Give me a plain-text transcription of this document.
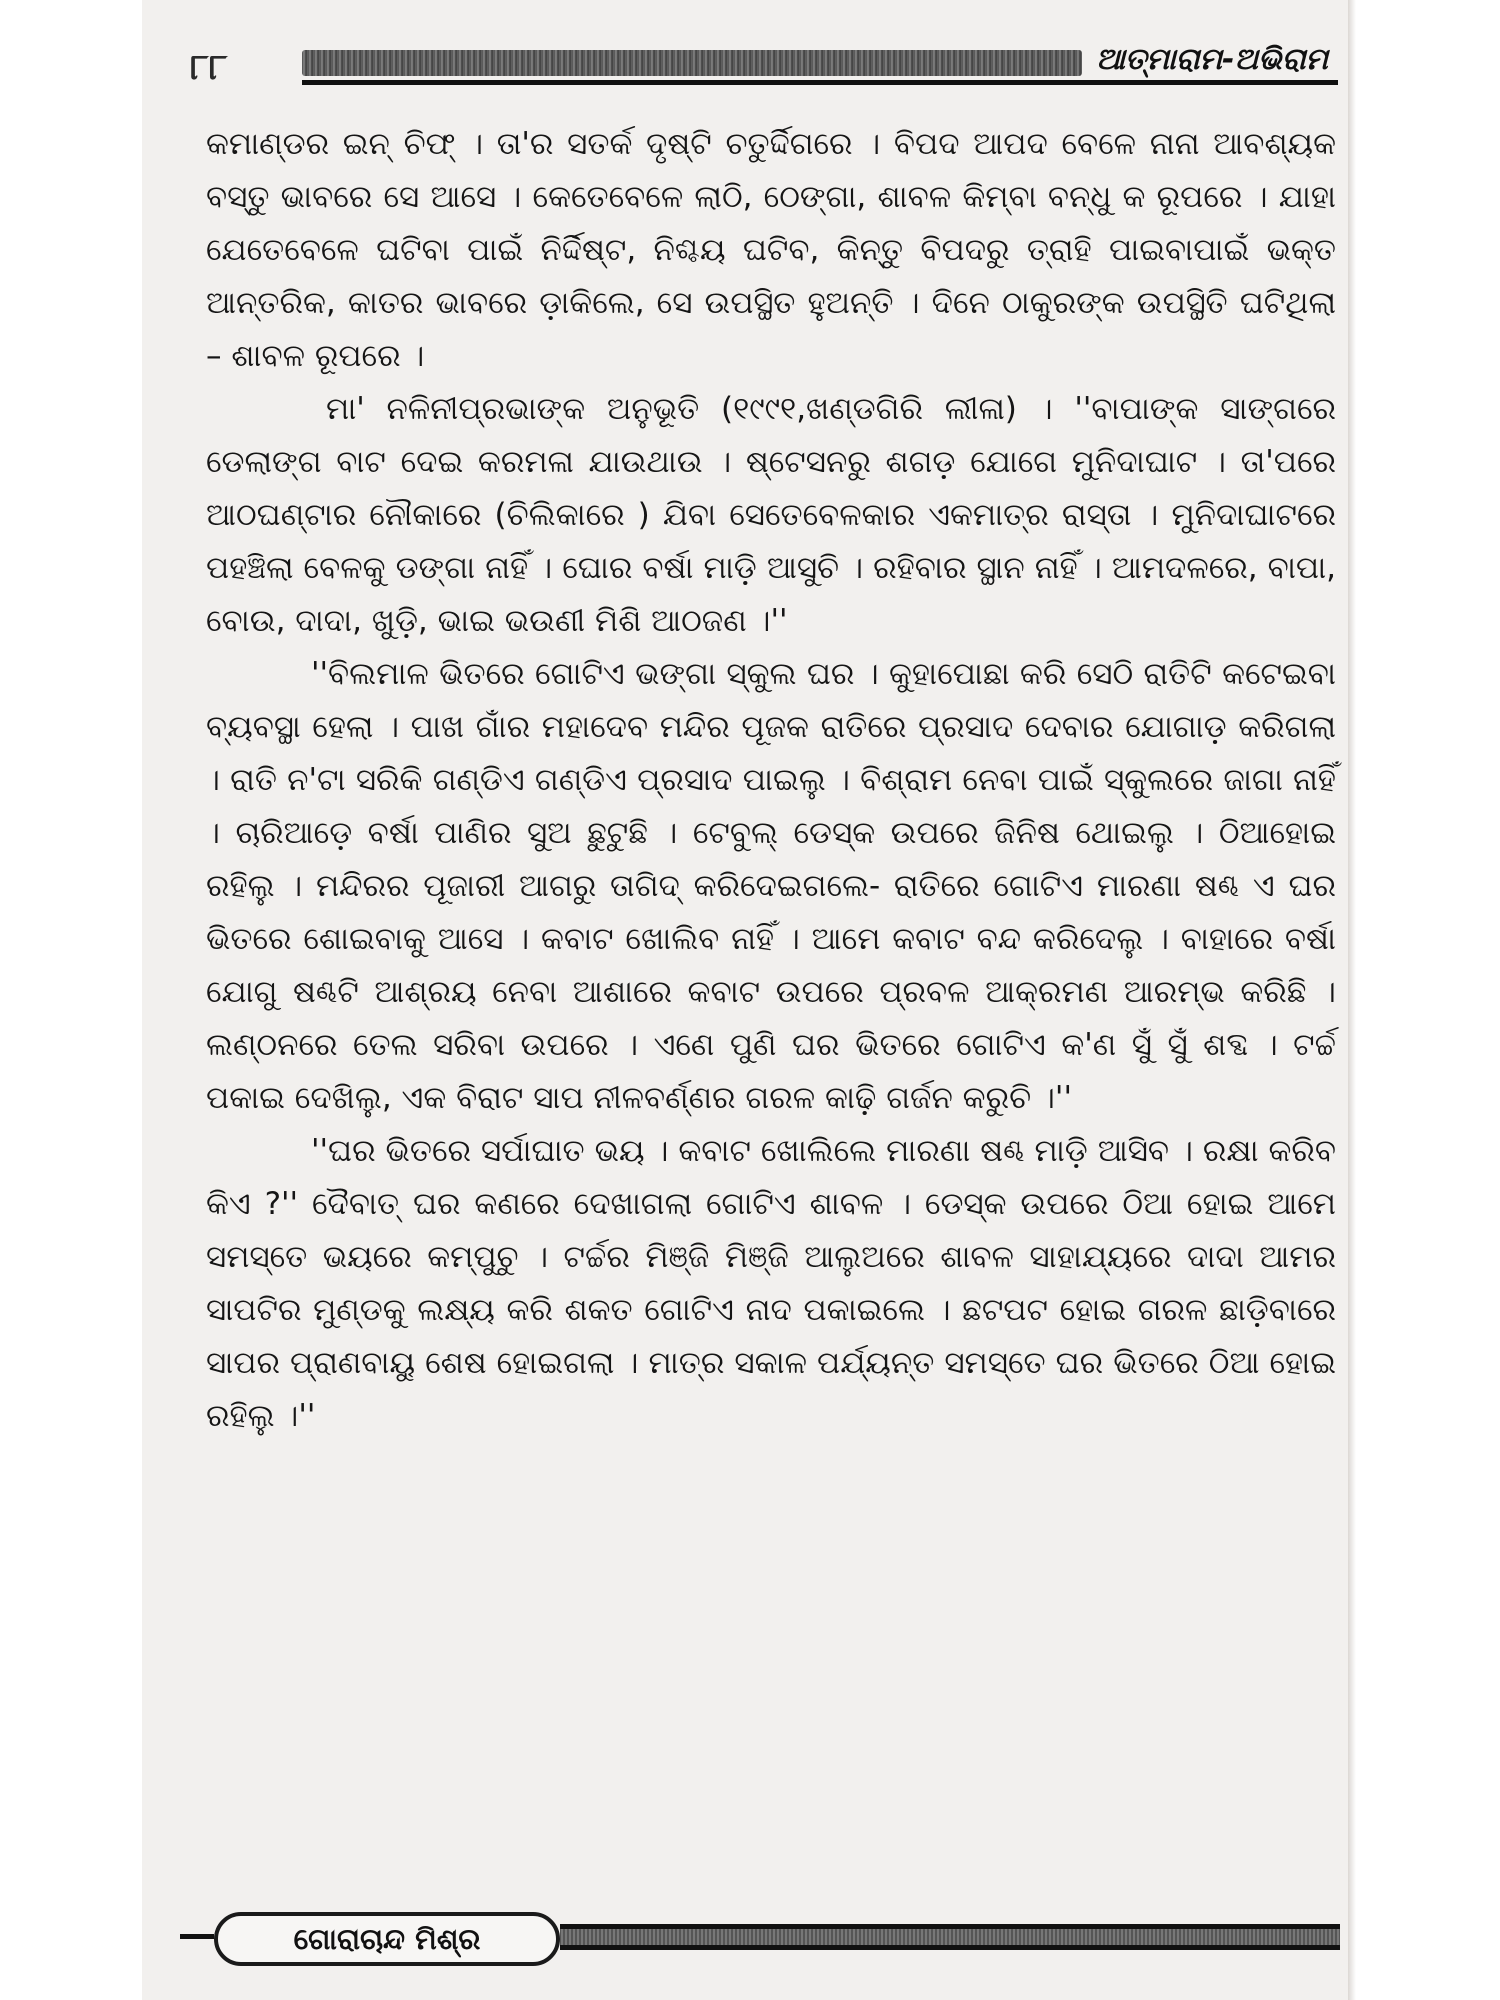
୮୮	ଆତ୍ମାରାମ-ଅଭିରାମ

କମାଣ୍ଡର ଇନ୍ ଚିଫ୍ । ତା'ର ସତର୍କ ଦୃଷ୍ଟି ଚତୁର୍ଦ୍ଦିଗରେ । ବିପଦ ଆପଦ ବେଳେ ନାନା ଆବଶ୍ୟକ ବସ୍ତୁ ଭାବରେ ସେ ଆସେ । କେତେବେଳେ ଲାଠି, ଠେଙ୍ଗା, ଶାବଳ କିମ୍ବା ବନ୍ଧୁ କ ରୂପରେ । ଯାହା ଯେତେବେଳେ ଘଟିବା ପାଇଁ ନିର୍ଦ୍ଦିଷ୍ଟ, ନିଶ୍ଚୟ ଘଟିବ, କିନ୍ତୁ ବିପଦରୁ ତ୍ରାହି ପାଇବାପାଇଁ ଭକ୍ତ ଆନ୍ତରିକ, କାତର ଭାବରେ ଡ଼ାକିଲେ, ସେ ଉପସ୍ଥିତ ହୁଅନ୍ତି । ଦିନେ ଠାକୁରଙ୍କ ଉପସ୍ଥିତି ଘଟିଥିଲା – ଶାବଳ ରୂପରେ ।

ମା' ନଳିନୀପ୍ରଭାଙ୍କ ଅନୁଭୂତି (୧୯୯୧,ଖଣ୍ଡଗିରି ଲୀଳା) । ''ବାପାଙ୍କ ସାଙ୍ଗରେ ଡେଲାଙ୍ଗ ବାଟ ଦେଇ କରମଳା ଯାଉଥାଉ । ଷ୍ଟେସନରୁ ଶଗଡ଼ ଯୋଗେ ମୁନିଦାଘାଟ । ତା'ପରେ ଆଠଘଣ୍ଟାର ନୌକାରେ (ଚିଲିକାରେ ) ଯିବା ସେତେବେଳକାର ଏକମାତ୍ର ରାସ୍ତା । ମୁନିଦାଘାଟରେ ପହଞ୍ଚିଲା ବେଳକୁ ଡଙ୍ଗା ନାହିଁ । ଘୋର ବର୍ଷା ମାଡ଼ି ଆସୁଚି । ରହିବାର ସ୍ଥାନ ନାହିଁ । ଆମଦଳରେ, ବାପା, ବୋଉ, ଦାଦା, ଖୁଡ଼ି, ଭାଇ ଭଉଣୀ ମିଶି ଆଠଜଣ ।''

''ବିଲମାଳ ଭିତରେ ଗୋଟିଏ ଭଙ୍ଗା ସ୍କୁଲ ଘର । କୁହାପୋଛା କରି ସେଠି ରାତିଟି କଟେଇବା ବ୍ୟବସ୍ଥା ହେଲା । ପାଖ ଗାଁର ମହାଦେବ ମନ୍ଦିର ପୂଜକ ରାତିରେ ପ୍ରସାଦ ଦେବାର ଯୋଗାଡ଼ କରିଗଲା । ରାତି ନ'ଟା ସରିକି ଗଣ୍ଡିଏ ଗଣ୍ଡିଏ ପ୍ରସାଦ ପାଇଲୁ । ବିଶ୍ରାମ ନେବା ପାଇଁ ସ୍କୁଲରେ ଜାଗା ନାହିଁ । ଚାରିଆଡ଼େ ବର୍ଷା ପାଣିର ସୁଅ ଛୁଟୁଛି । ଟେବୁଲ୍ ଡେସ୍କ ଉପରେ ଜିନିଷ ଥୋଇଲୁ । ଠିଆହୋଇ ରହିଲୁ । ମନ୍ଦିରର ପୂଜାରୀ ଆଗରୁ ତାଗିଦ୍ କରିଦେଇଗଲେ- ରାତିରେ ଗୋଟିଏ ମାରଣା ଷଣ୍ଢ ଏ ଘର ଭିତରେ ଶୋଇବାକୁ ଆସେ । କବାଟ ଖୋଲିବ ନାହିଁ । ଆମେ କବାଟ ବନ୍ଦ କରିଦେଲୁ । ବାହାରେ ବର୍ଷା ଯୋଗୁ ଷଣ୍ଢଟି ଆଶ୍ରୟ ନେବା ଆଶାରେ କବାଟ ଉପରେ ପ୍ରବଳ ଆକ୍ରମଣ ଆରମ୍ଭ କରିଛି । ଲଣ୍ଠନରେ ତେଲ ସରିବା ଉପରେ । ଏଣେ ପୁଣି ଘର ଭିତରେ ଗୋଟିଏ କ'ଣ ସୁଁ ସୁଁ ଶବ୍ଦ । ଟର୍ଚ୍ଚ ପକାଇ ଦେଖିଲୁ, ଏକ ବିରାଟ ସାପ ନୀଳବର୍ଣ୍ଣର ଗରଳ କାଢ଼ି ଗର୍ଜନ କରୁଚି ।''

''ଘର ଭିତରେ ସର୍ପାଘାତ ଭୟ । କବାଟ ଖୋଲିଲେ ମାରଣା ଷଣ୍ଢ ମାଡ଼ି ଆସିବ । ରକ୍ଷା କରିବ କିଏ ?'' ଦୈବାତ୍ ଘର କଣରେ ଦେଖାଗଲା ଗୋଟିଏ ଶାବଳ । ଡେସ୍କ ଉପରେ ଠିଆ ହୋଇ ଆମେ ସମସ୍ତେ ଭୟରେ କମ୍ପୁଚୁ । ଟର୍ଚ୍ଚର ମିଞ୍ଜି ମିଞ୍ଜି ଆଲୁଅରେ ଶାବଳ ସାହାଯ୍ୟରେ ଦାଦା ଆମର ସାପଟିର ମୁଣ୍ଡକୁ ଲକ୍ଷ୍ୟ କରି ଶକତ ଗୋଟିଏ ନାଦ ପକାଇଲେ । ଛଟପଟ ହୋଇ ଗରଳ ଛାଡ଼ିବାରେ ସାପର ପ୍ରାଣବାୟୁ ଶେଷ ହୋଇଗଲା । ମାତ୍ର ସକାଳ ପର୍ଯ୍ୟନ୍ତ ସମସ୍ତେ ଘର ଭିତରେ ଠିଆ ହୋଇ ରହିଲୁ ।''

ଗୋରାଚାନ୍ଦ ମିଶ୍ର
